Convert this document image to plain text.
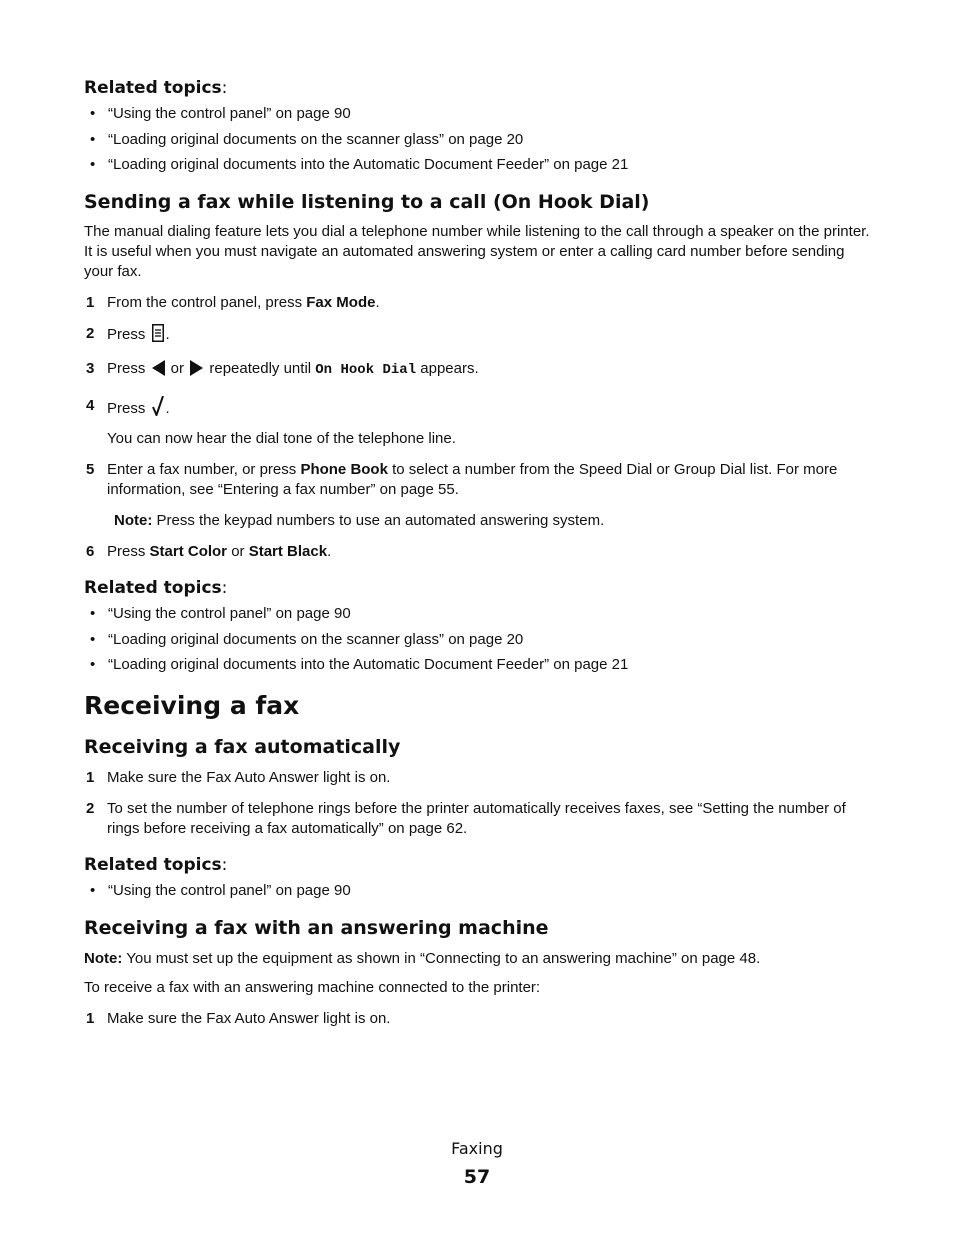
Related topics:
• “Using the control panel” on page 90
• “Loading original documents on the scanner glass” on page 20
• “Loading original documents into the Automatic Document Feeder” on page 21
Sending a fax while listening to a call (On Hook Dial)

The manual dialing feature lets you dial a telephone number while listening to the call through a speaker on the printer. It is useful when you must navigate an automated answering system or enter a calling card number before sending your fax.

1 From the control panel, press Fax Mode.
2 Press .
3 Press  or  repeatedly until On Hook Dial appears.
4 Press .
You can now hear the dial tone of the telephone line.
5 Enter a fax number, or press Phone Book to select a number from the Speed Dial or Group Dial list. For more information, see “Entering a fax number” on page 55.
Note: Press the keypad numbers to use an automated answering system.
6 Press Start Color or Start Black.
Related topics:
• “Using the control panel” on page 90
• “Loading original documents on the scanner glass” on page 20
• “Loading original documents into the Automatic Document Feeder” on page 21
Receiving a fax
Receiving a fax automatically
1 Make sure the Fax Auto Answer light is on.
2 To set the number of telephone rings before the printer automatically receives faxes, see “Setting the number of rings before receiving a fax automatically” on page 62.
Related topics:
• “Using the control panel” on page 90
Receiving a fax with an answering machine

Note: You must set up the equipment as shown in “Connecting to an answering machine” on page 48.

To receive a fax with an answering machine connected to the printer:

1 Make sure the Fax Auto Answer light is on.
Faxing
57
